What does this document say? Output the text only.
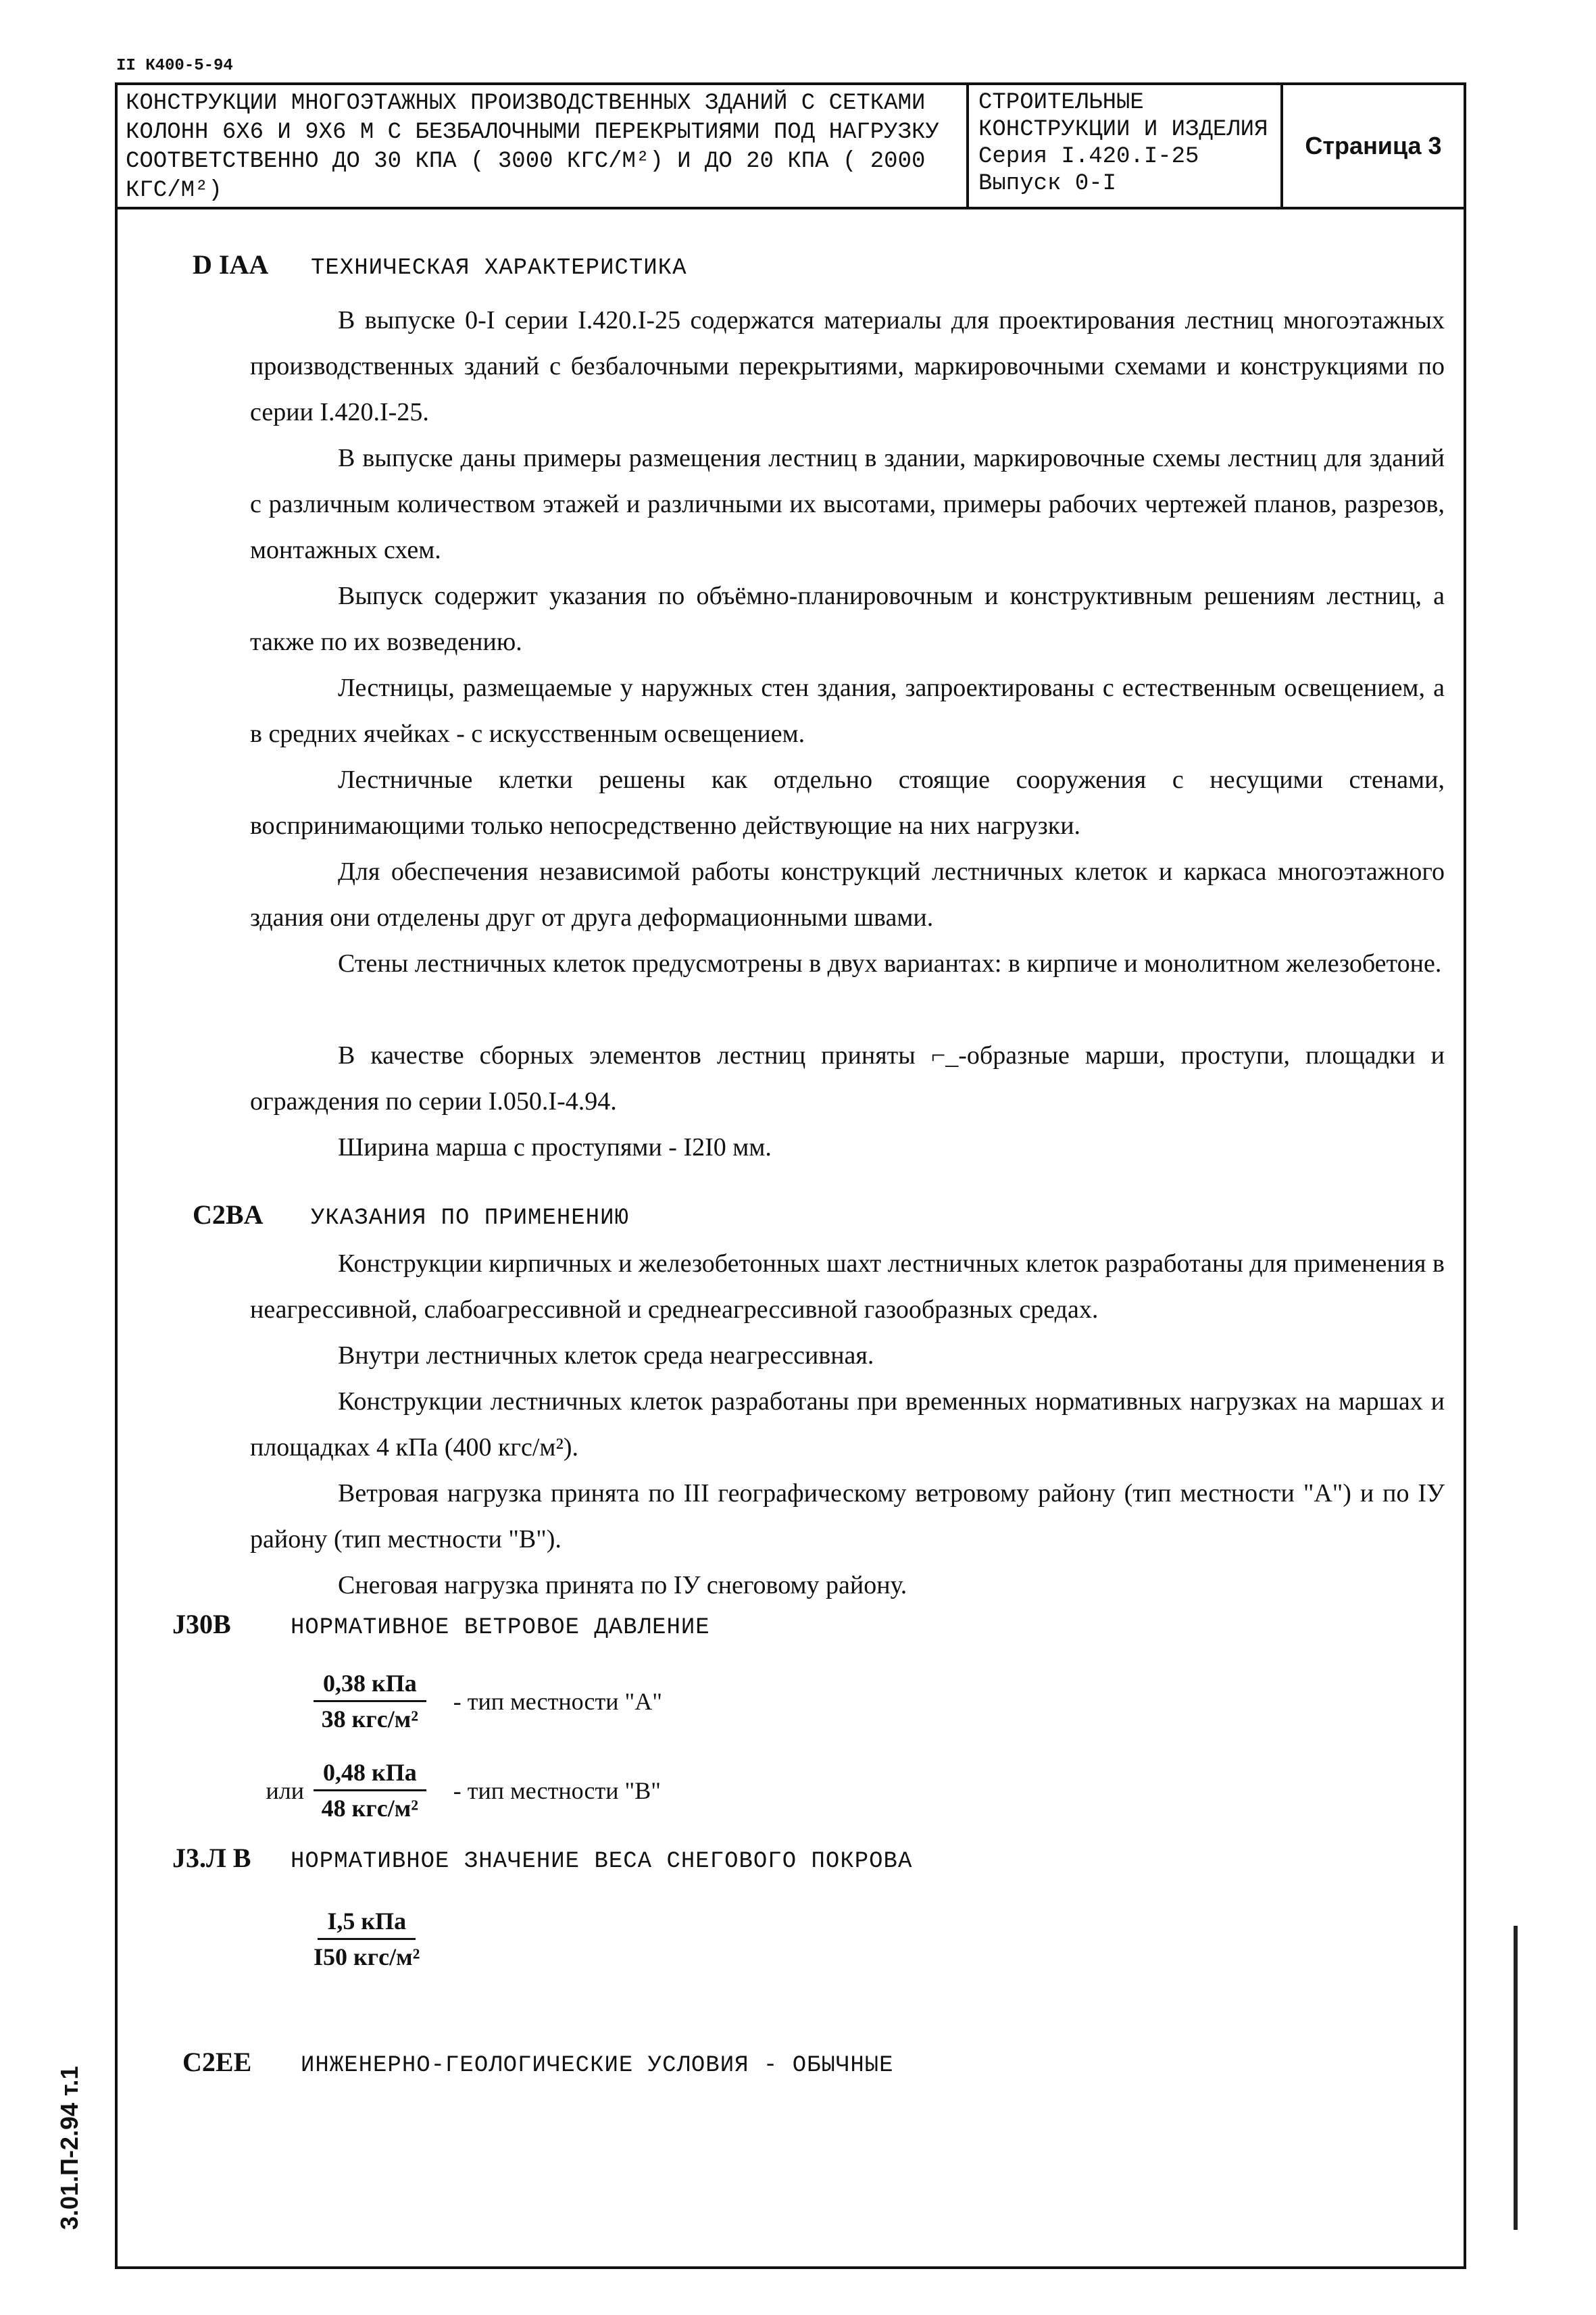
II К400-5-94
КОНСТРУКЦИИ МНОГОЭТАЖНЫХ ПРОИЗВОДСТВЕННЫХ ЗДАНИЙ С СЕТКАМИ КОЛОНН 6X6 И 9X6 М С БЕЗБАЛОЧНЫМИ ПЕРЕКРЫТИЯМИ ПОД НАГРУЗКУ СООТВЕТСТВЕННО ДО 30 КПА ( 3000 КГС/М²) И ДО 20 КПА ( 2000 КГС/М²)
СТРОИТЕЛЬНЫЕ
КОНСТРУКЦИИ И ИЗДЕЛИЯ
Серия I.420.I-25
Выпуск 0-I
Страница 3
D IAA ТЕХНИЧЕСКАЯ ХАРАКТЕРИСТИКА

В выпуске 0-I серии I.420.I-25 содержатся материалы для проектирования лестниц многоэтажных производственных зданий с безбалочными перекрытиями, маркировочными схемами и конструкциями по серии I.420.I-25.

В выпуске даны примеры размещения лестниц в здании, маркировочные схемы лестниц для зданий с различным количеством этажей и различными их высотами, примеры рабочих чертежей планов, разрезов, монтажных схем.

Выпуск содержит указания по объёмно-планировочным и конструктивным решениям лестниц, а также по их возведению.

Лестницы, размещаемые у наружных стен здания, запроектированы с естественным освещением, а в средних ячейках - с искусственным освещением.

Лестничные клетки решены как отдельно стоящие сооружения с несущими стенами, воспринимающими только непосредственно действующие на них нагрузки.

Для обеспечения независимой работы конструкций лестничных клеток и каркаса многоэтажного здания они отделены друг от друга деформационными швами.

Стены лестничных клеток предусмотрены в двух вариантах: в кирпиче и монолитном железобетоне.

В качестве сборных элементов лестниц приняты ⌐_-образные марши, проступи, площадки и ограждения по серии I.050.I-4.94.

Ширина марша с проступями - I2I0 мм.

C2BA УКАЗАНИЯ ПО ПРИМЕНЕНИЮ

Конструкции кирпичных и железобетонных шахт лестничных клеток разработаны для применения в неагрессивной, слабоагрессивной и среднеагрессивной газообразных средах.

Внутри лестничных клеток среда неагрессивная.

Конструкции лестничных клеток разработаны при временных нормативных нагрузках на маршах и площадках 4 кПа (400 кгс/м²).

Ветровая нагрузка принята по III географическому ветровому району (тип местности "А") и по IУ району (тип местности "В").

Снеговая нагрузка принята по IУ снеговому району.

J30B	НОРМАТИВНОЕ ВЕТРОВОЕ ДАВЛЕНИЕ
$\frac{\text{0,38 кПа}}{\text{38 кгс/м²}}$	- тип местности "А"
или $\frac{\text{0,48 кПа}}{\text{48 кгс/м²}}$	- тип местности "В"
J3.Л В НОРМАТИВНОЕ ЗНАЧЕНИЕ ВЕСА СНЕГОВОГО ПОКРОВА
$\frac{\text{I,5 кПа}}{\text{I50 кгс/м²}}$
C2EE ИНЖЕНЕРНО-ГЕОЛОГИЧЕСКИЕ УСЛОВИЯ - ОБЫЧНЫЕ
3.01.П-2.94 т.1
